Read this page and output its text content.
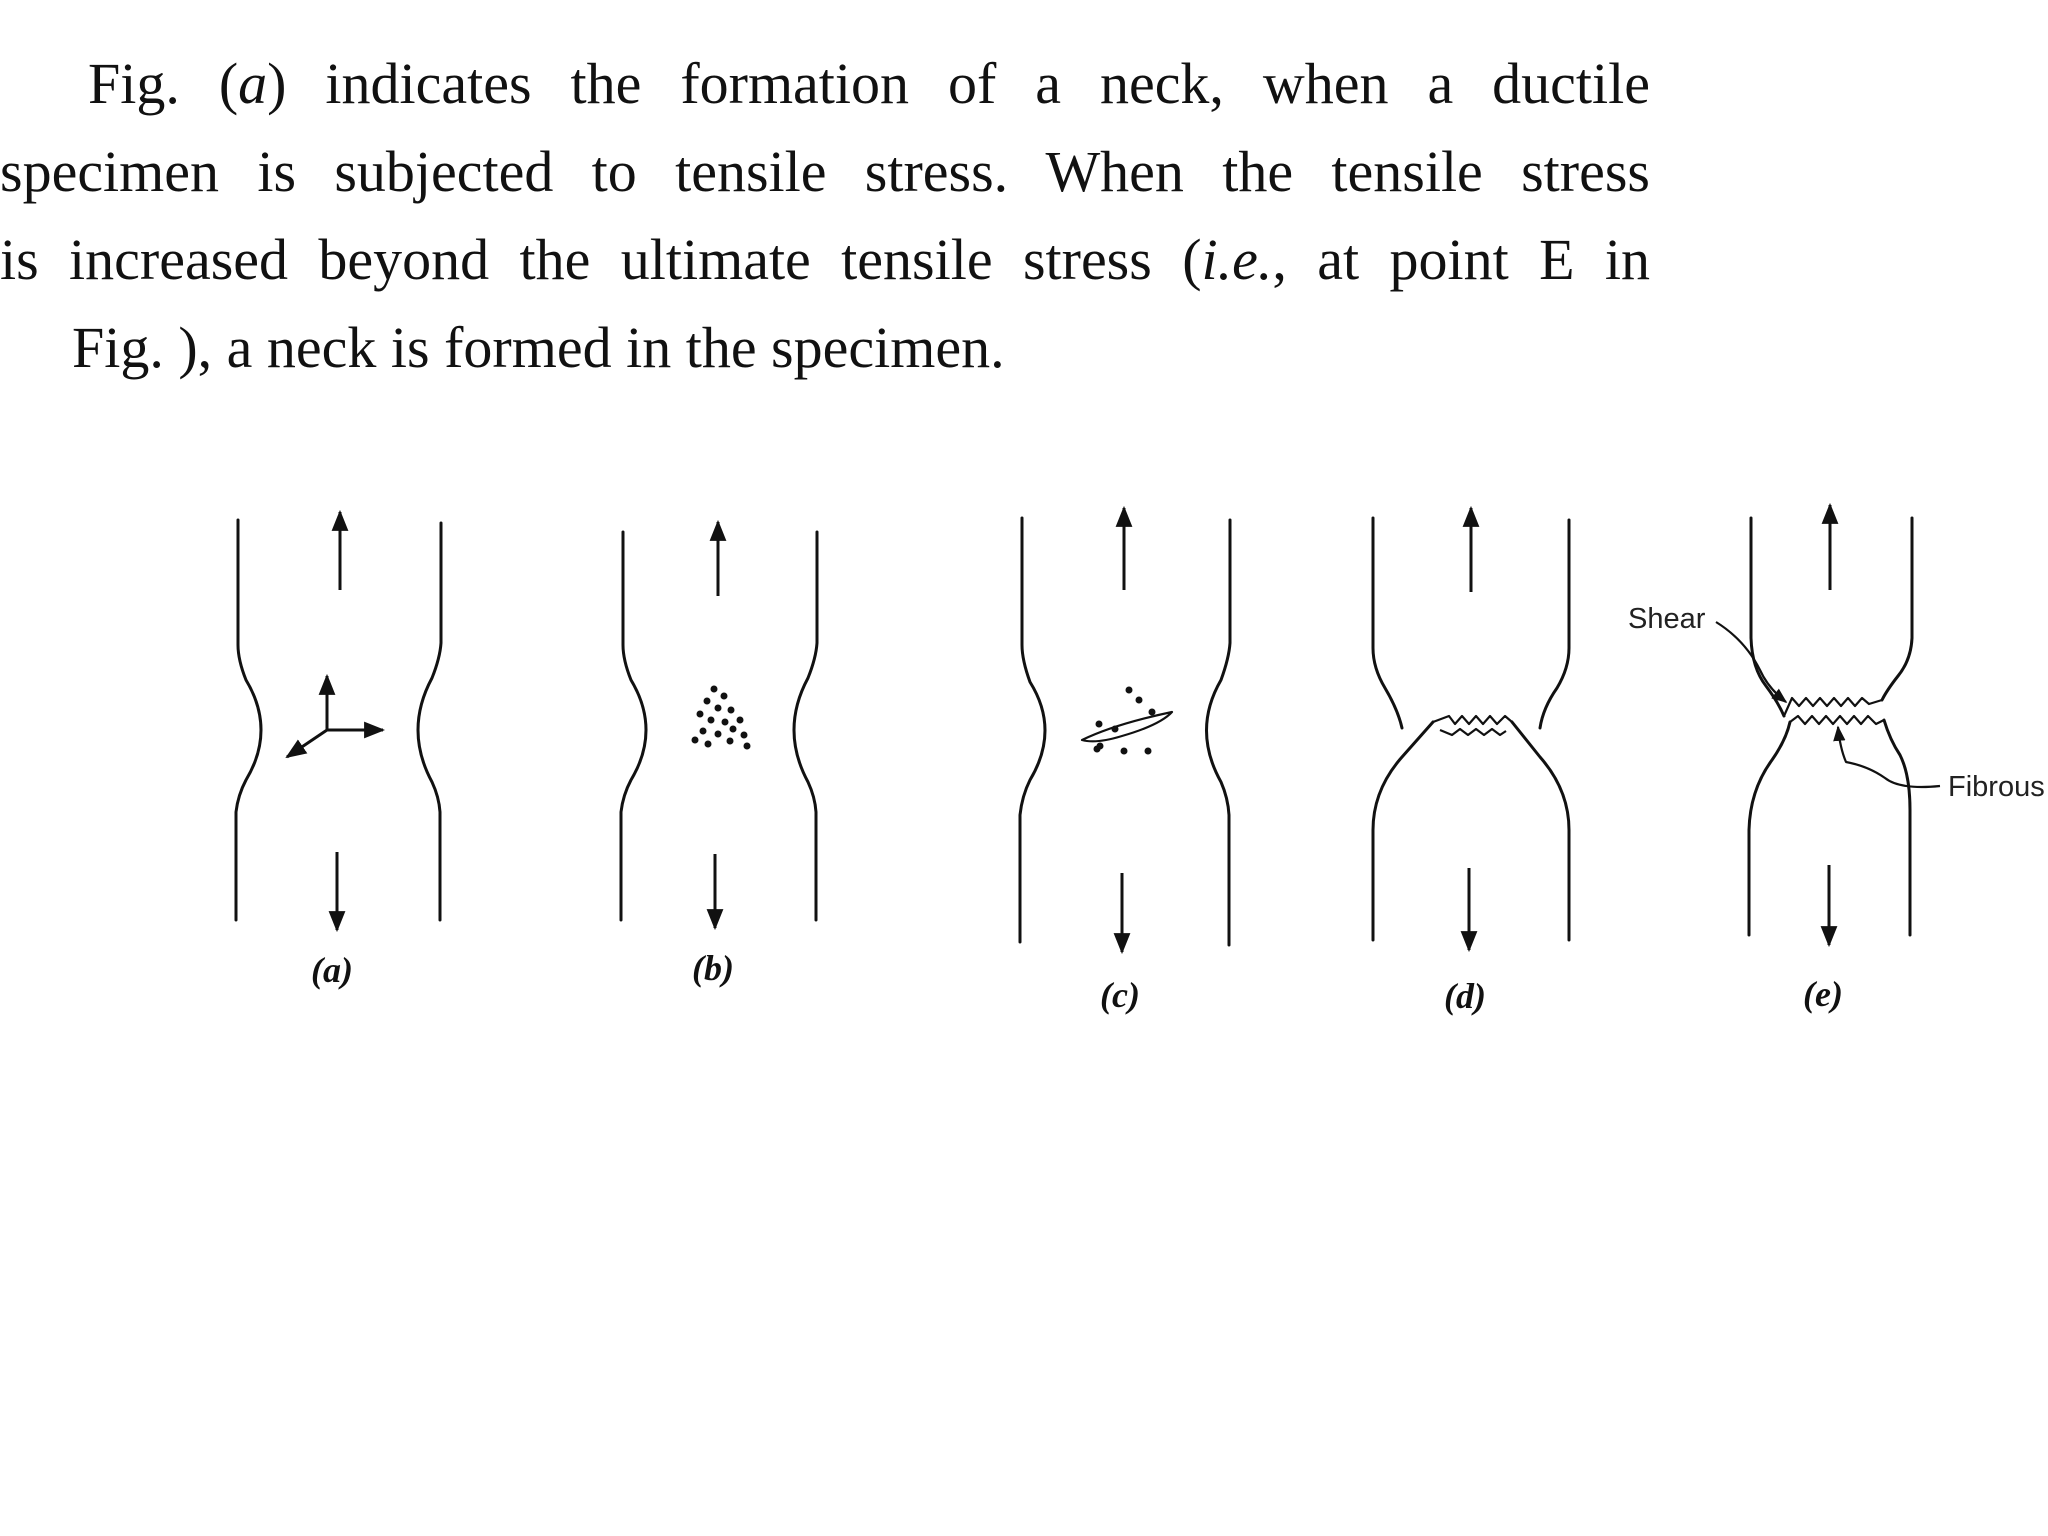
Fig. (a) indicates the formation of a neck, when a ductile
specimen is subjected to tensile stress. When the tensile stress
is increased beyond the ultimate tensile stress (i.e., at point E in
Fig. ), a neck is formed in the specimen.
(a)	(b)
(c)	(d)
Shear
Fibrous
(e)
